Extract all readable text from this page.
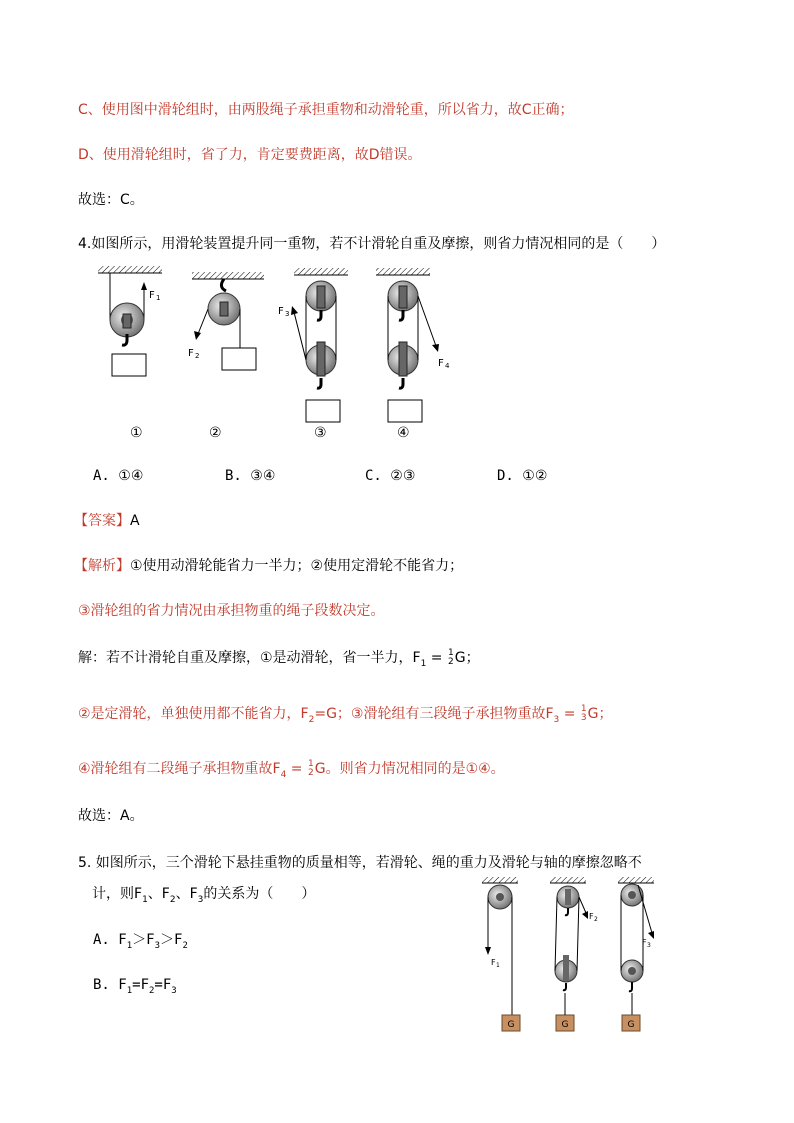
C、使用图中滑轮组时，由两股绳子承担重物和动滑轮重，所以省力，故C正确；
D、使用滑轮组时，省了力，肯定要费距离，故D错误。
故选：C。
4.如图所示，用滑轮装置提升同一重物，若不计滑轮自重及摩擦，则省力情况相同的是（　　）
F 1
F 2
F 3
F 4
①	②	③	④
A. ①④	B. ③④	C. ②③	D. ①②
【答案】A
【解析】①使用动滑轮能省力一半力；②使用定滑轮不能省力；
③滑轮组的省力情况由承担物重的绳子段数决定。
解：若不计滑轮自重及摩擦，①是动滑轮，省一半力，$F_1 = 1$
2 G；
②是定滑轮，单独使用都不能省力，$F_2=G$；③滑轮组有三段绳子承担物重故$F_3 = 1$
3 G；
④滑轮组有二段绳子承担物重故$F_4 = 1$
2 G。则省力情况相同的是①④。
故选：A。
5. 如图所示，三个滑轮下悬挂重物的质量相等，若滑轮、绳的重力及滑轮与轴的摩擦忽略不
计，则$F_1$、$F_2$、$F_3$的关系为（　　）
A. $F_1>F_3>F_2$
B. $F_1=F_2=F_3$
G
F 1
G
F 2
G
F 3
